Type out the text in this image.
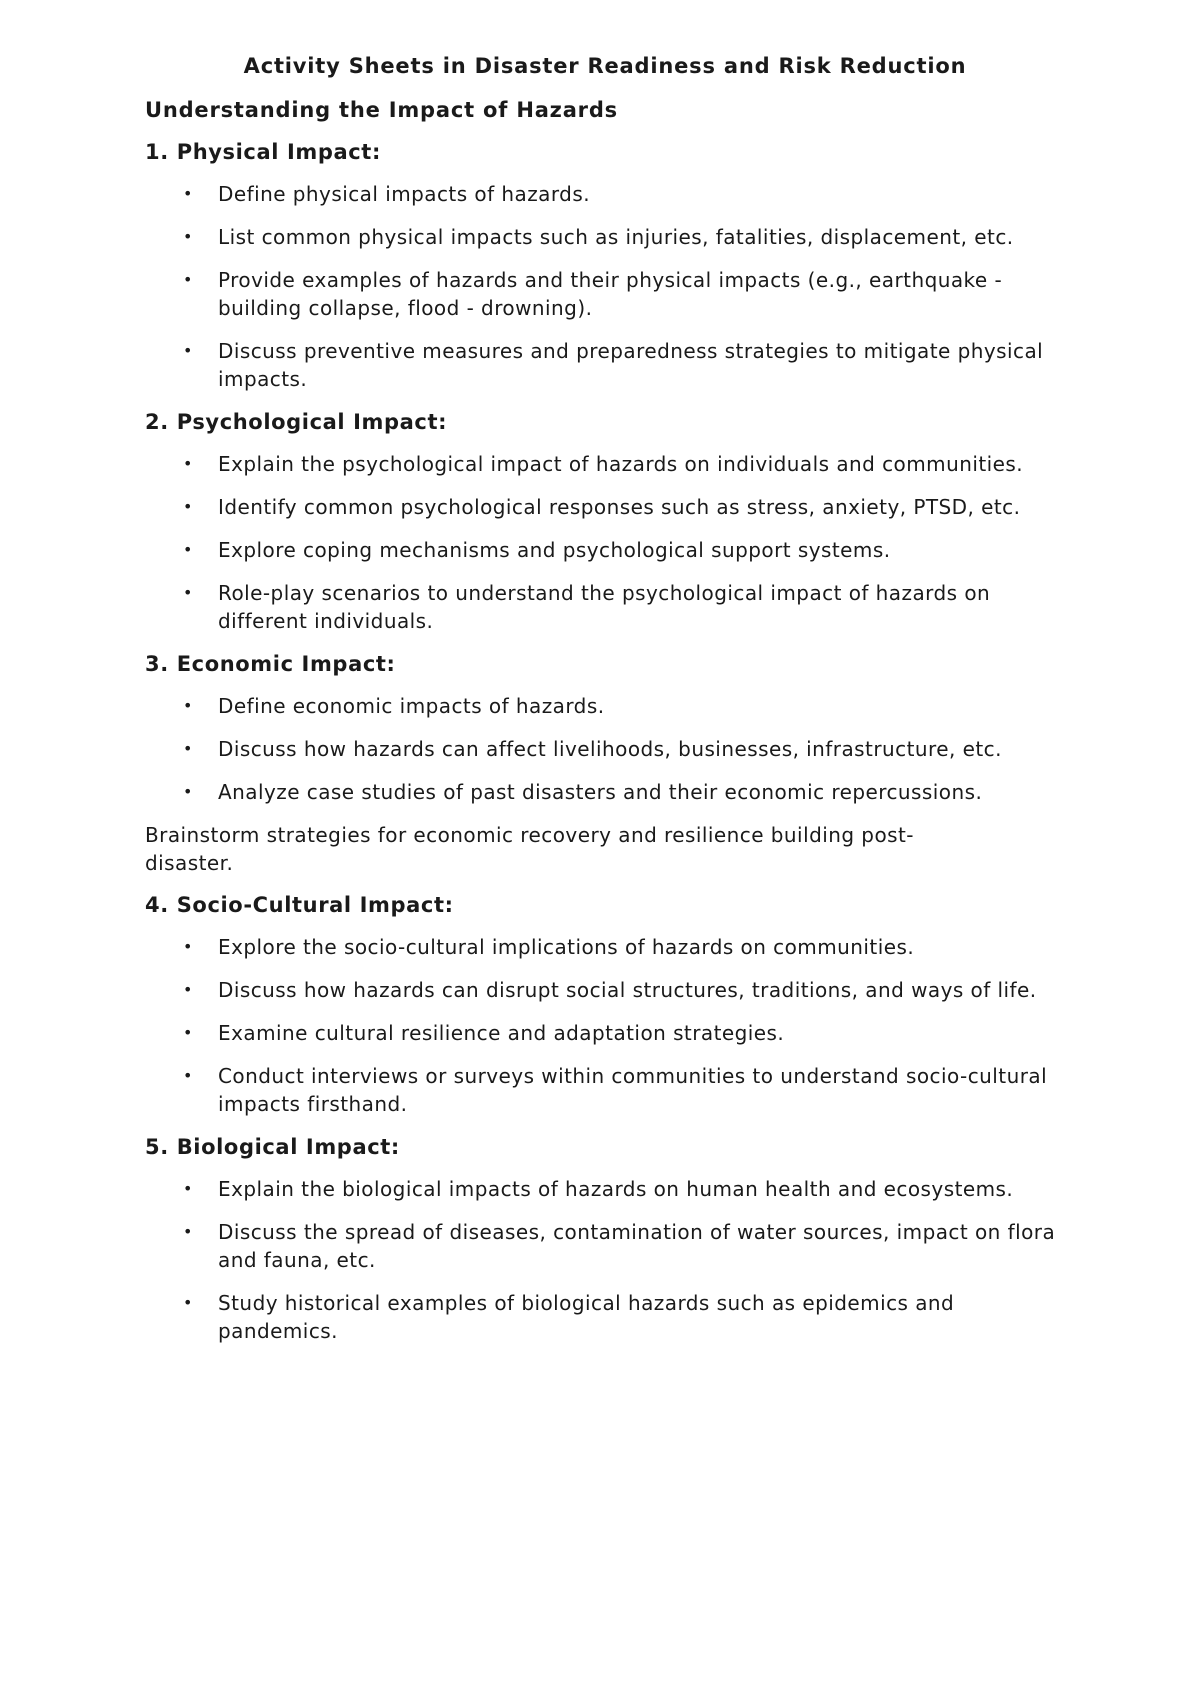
Activity Sheets in Disaster Readiness and Risk Reduction
Understanding the Impact of Hazards
1. Physical Impact:
• Define physical impacts of hazards.
• List common physical impacts such as injuries, fatalities, displacement, etc.
• Provide examples of hazards and their physical impacts (e.g., earthquake - building collapse, flood - drowning).
• Discuss preventive measures and preparedness strategies to mitigate physical impacts.
2. Psychological Impact:
• Explain the psychological impact of hazards on individuals and communities.
• Identify common psychological responses such as stress, anxiety, PTSD, etc.
• Explore coping mechanisms and psychological support systems.
• Role-play scenarios to understand the psychological impact of hazards on different individuals.
3. Economic Impact:
• Define economic impacts of hazards.
• Discuss how hazards can affect livelihoods, businesses, infrastructure, etc.
• Analyze case studies of past disasters and their economic repercussions.
Brainstorm strategies for economic recovery and resilience building post-disaster.
4. Socio-Cultural Impact:
• Explore the socio-cultural implications of hazards on communities.
• Discuss how hazards can disrupt social structures, traditions, and ways of life.
• Examine cultural resilience and adaptation strategies.
• Conduct interviews or surveys within communities to understand socio-cultural impacts firsthand.
5. Biological Impact:
• Explain the biological impacts of hazards on human health and ecosystems.
• Discuss the spread of diseases, contamination of water sources, impact on flora and fauna, etc.
• Study historical examples of biological hazards such as epidemics and pandemics.
